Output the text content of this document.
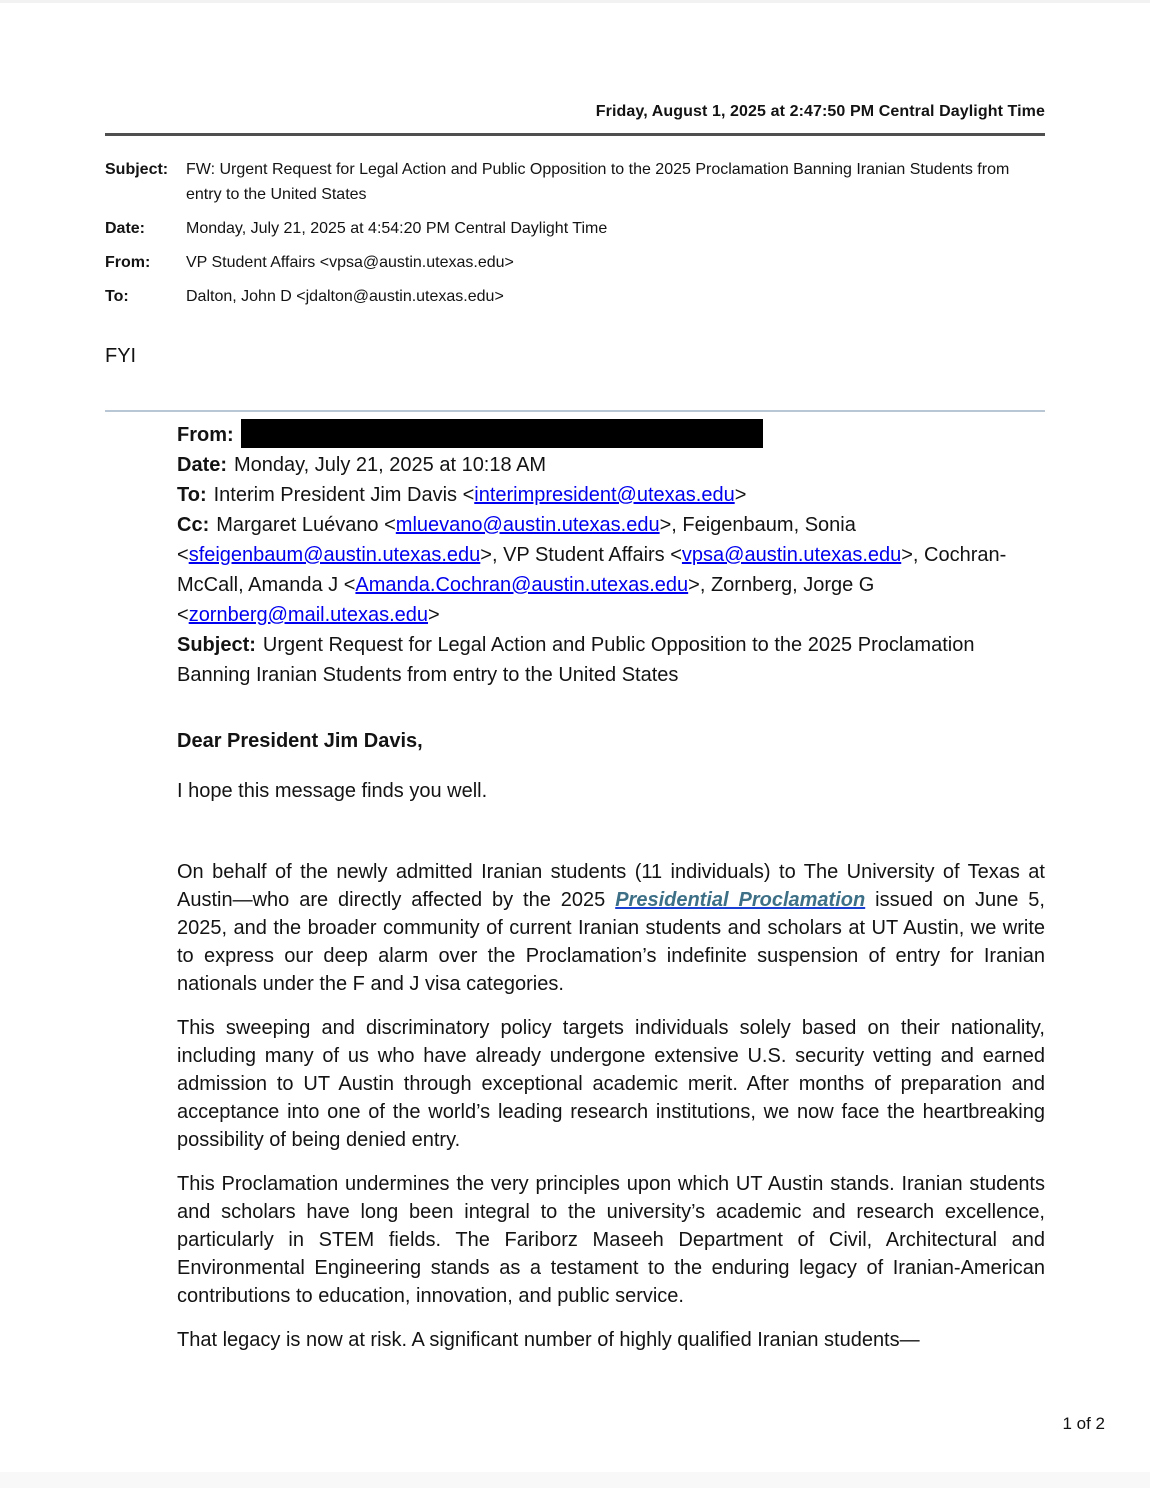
Friday, August 1, 2025 at 2:47:50 PM Central Daylight Time
Subject:	FW: Urgent Request for Legal Action and Public Opposition to the 2025 Proclamation Banning Iranian Students from entry to the United States
Date:	Monday, July 21, 2025 at 4:54:20 PM Central Daylight Time
From:	VP Student Affairs <vpsa@austin.utexas.edu>
To:	Dalton, John D <jdalton@austin.utexas.edu>
FYI

From:

Date: Monday, July 21, 2025 at 10:18 AM

To: Interim President Jim Davis <interimpresident@utexas.edu>

Cc: Margaret Luévano <mluevano@austin.utexas.edu>, Feigenbaum, Sonia <sfeigenbaum@austin.utexas.edu>, VP Student Affairs <vpsa@austin.utexas.edu>, Cochran-McCall, Amanda J <Amanda.Cochran@austin.utexas.edu>, Zornberg, Jorge G <zornberg@mail.utexas.edu>

Subject: Urgent Request for Legal Action and Public Opposition to the 2025 Proclamation Banning Iranian Students from entry to the United States

Dear President Jim Davis,
I hope this message finds you well.

On behalf of the newly admitted Iranian students (11 individuals) to The University of Texas at Austin—who are directly affected by the 2025 Presidential Proclamation issued on June 5, 2025, and the broader community of current Iranian students and scholars at UT Austin, we write to express our deep alarm over the Proclamation’s indefinite suspension of entry for Iranian nationals under the F and J visa categories.

This sweeping and discriminatory policy targets individuals solely based on their nationality, including many of us who have already undergone extensive U.S. security vetting and earned admission to UT Austin through exceptional academic merit. After months of preparation and acceptance into one of the world’s leading research institutions, we now face the heartbreaking possibility of being denied entry.

This Proclamation undermines the very principles upon which UT Austin stands. Iranian students and scholars have long been integral to the university’s academic and research excellence, particularly in STEM fields. The Fariborz Maseeh Department of Civil, Architectural and Environmental Engineering stands as a testament to the enduring legacy of Iranian-American contributions to education, innovation, and public service.

That legacy is now at risk. A significant number of highly qualified Iranian students—

1 of 2
